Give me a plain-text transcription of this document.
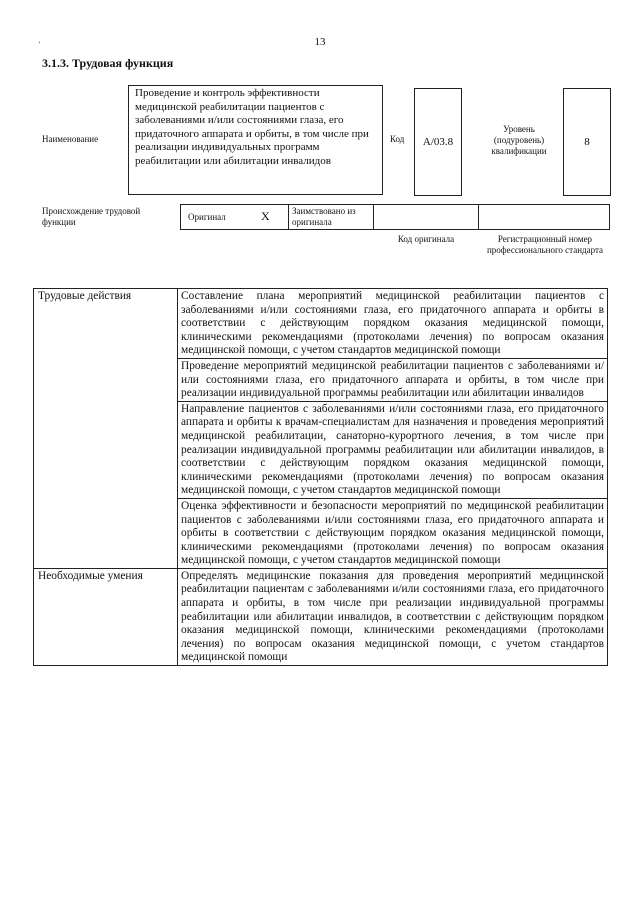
’	13
3.1.3. Трудовая функция
Наименование
Проведение и контроль эффективности медицинской реабилитации пациентов с заболеваниями и/или состояниями глаза, его придаточного аппарата и орбиты, в том числе при реализации индивидуальных программ реабилитации или абилитации инвалидов
Код	А/03.8
Уровень (подуровень) квалификации
8
Происхождение трудовой функции	Оригинал	X Заимствовано из оригинала
Код оригинала	Регистрационный номер профессионального стандарта
Трудовые действия	Составление плана мероприятий медицинской реабилитации пациентов с заболеваниями и/или состояниями глаза, его придаточного аппарата и орбиты в соответствии с действующим порядком оказания медицинской помощи, клиническими рекомендациями (протоколами лечения) по вопросам оказания медицинской помощи, с учетом стандартов медицинской помощи
	Проведение мероприятий медицинской реабилитации пациентов с заболеваниями и/или состояниями глаза, его придаточного аппарата и орбиты, в том числе при реализации индивидуальной программы реабилитации или абилитации инвалидов
	Направление пациентов с заболеваниями и/или состояниями глаза, его придаточного аппарата и орбиты к врачам-специалистам для назначения и проведения мероприятий медицинской реабилитации, санаторно-курортного лечения, в том числе при реализации индивидуальной программы реабилитации или абилитации инвалидов, в соответствии с действующим порядком оказания медицинской помощи, клиническими рекомендациями (протоколами лечения) по вопросам оказания медицинской помощи, с учетом стандартов медицинской помощи
	Оценка эффективности и безопасности мероприятий по медицинской реабилитации пациентов с заболеваниями и/или состояниями глаза, его придаточного аппарата и орбиты в соответствии с действующим порядком оказания медицинской помощи, клиническими рекомендациями (протоколами лечения) по вопросам оказания медицинской помощи, с учетом стандартов медицинской помощи
Необходимые умения	Определять медицинские показания для проведения мероприятий медицинской реабилитации пациентам с заболеваниями и/или состояниями глаза, его придаточного аппарата и орбиты, в том числе при реализации индивидуальной программы реабилитации или абилитации инвалидов, в соответствии с действующим порядком оказания медицинской помощи, клиническими рекомендациями (протоколами лечения) по вопросам оказания медицинской помощи, с учетом стандартов медицинской помощи
